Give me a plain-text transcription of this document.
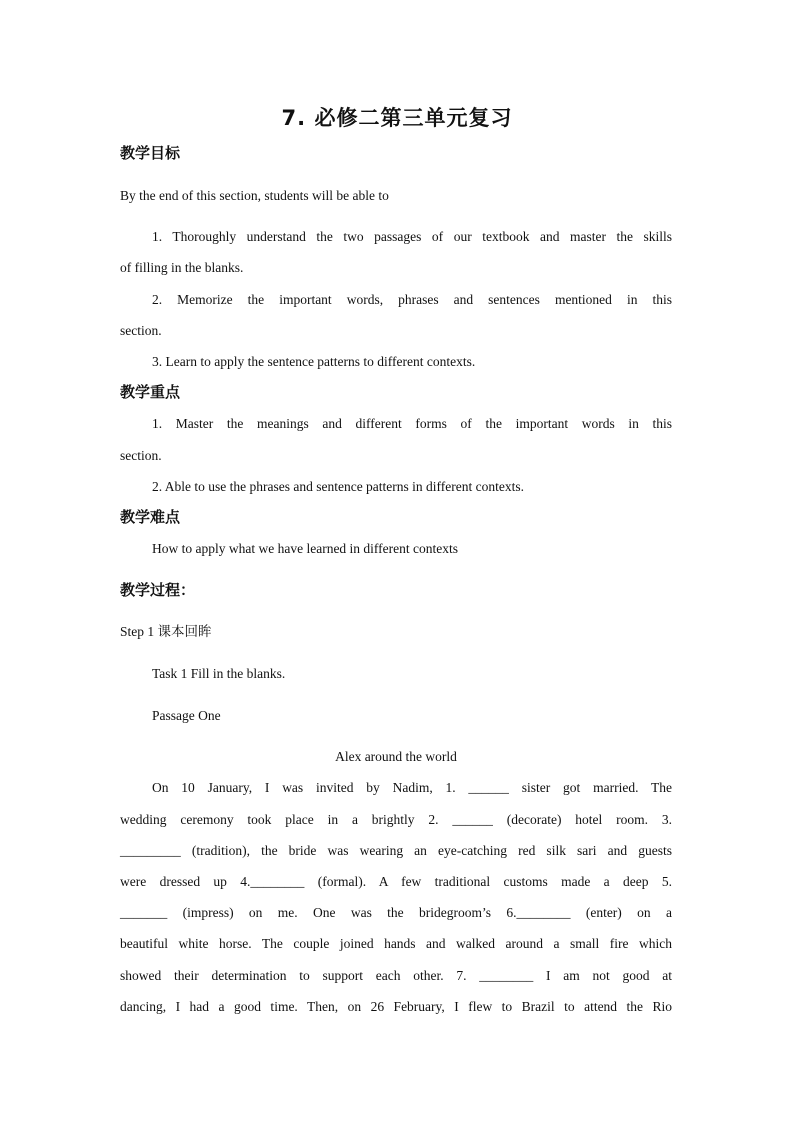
7. 必修二第三单元复习
教学目标
By the end of this section, students will be able to
1. Thoroughly understand the two passages of our textbook and master the skills
of filling in the blanks.
2. Memorize the important words, phrases and sentences mentioned in this
section.
3. Learn to apply the sentence patterns to different contexts.
教学重点
1. Master the meanings and different forms of the important words in this
section.
2. Able to use the phrases and sentence patterns in different contexts.
教学难点
How to apply what we have learned in different contexts
教学过程：
Step 1 课本回眸
Task 1 Fill in the blanks.
Passage One
Alex around the world
On 10 January, I was invited by Nadim, 1. ______ sister got married. The
wedding ceremony took place in a brightly 2. ______ (decorate) hotel room. 3.
_________ (tradition), the bride was wearing an eye-catching red silk sari and guests
were dressed up 4.________ (formal). A few traditional customs made a deep 5.
_______ (impress) on me. One was the bridegroom’s 6.________ (enter) on a
beautiful white horse. The couple joined hands and walked around a small fire which
showed their determination to support each other. 7. ________ I am not good at
dancing, I had a good time. Then, on 26 February, I flew to Brazil to attend the Rio
